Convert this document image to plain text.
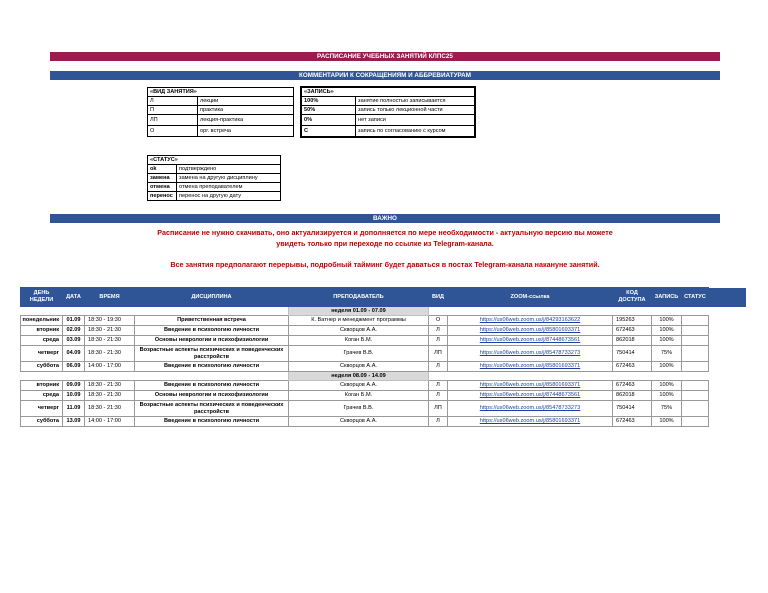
РАСПИСАНИЕ УЧЕБНЫХ ЗАНЯТИЙ КЛПС25
КОММЕНТАРИИ К СОКРАЩЕНИЯМ И АББРЕВИАТУРАМ
«ВИД ЗАНЯТИЯ»	
Л	лекции
П	практика
ЛП	лекция-практика
О	орг. встреча
«ЗАПИСЬ»	
100%	занятие полностью записывается
50%	запись только лекционной части
0%	нет записи
С	запись по согласованию с курсом
«СТАТУС»	
ok	подтверждено
замена	замена на другую дисциплину
отмена	отмена преподавателем
перенос	перенос на другую дату
ВАЖНО
Расписание не нужно скачивать, оно актуализируется и дополняется по мере необходимости - актуальную версию вы можете
увидеть только при переходе по ссылке из Telegram-канала.
Все занятия предполагают перерывы, подробный тайминг будет даваться в постах Telegram-канала накануне занятий.
ДЕНЬ НЕДЕЛИ	ДАТА	ВРЕМЯ	ДИСЦИПЛИНА	ПРЕПОДАВАТЕЛЬ	ВИД	ZOOM-ссылка	КОД
ДОСТУПА	ЗАПИСЬ	СТАТУС	
				неделя 01.09 - 07.09						
понедельник	01.09	18:30 - 19:30	Приветственная встреча	К. Ватнер и менеджмент программы	О	https://us06web.zoom.us/j/84293163622	195263	100%		
вторник	02.09	18:30 - 21:30	Введение в психологию личности	Скворцов А.А.	Л	https://us06web.zoom.us/j/85801693371	672463	100%		
среда	03.09	18:30 - 21:30	Основы неврологии и психофизиологии	Коган Б.М.	Л	https://us06web.zoom.us/j/87448673561	862018	100%		
четверг	04.09	18:30 - 21:30	Возрастные аспекты психических и поведенческих расстройств	Грачев В.В.	ЛП	https://us06web.zoom.us/j/85478733273	750414	75%		
суббота	06.09	14:00 - 17:00	Введение в психологию личности	Скворцов А.А.	Л	https://us06web.zoom.us/j/85801693371	672463	100%		
				неделя 08.09 - 14.09						
вторник	09.09	18:30 - 21:30	Введение в психологию личности	Скворцов А.А.	Л	https://us06web.zoom.us/j/85801693371	672463	100%		
среда	10.09	18:30 - 21:30	Основы неврологии и психофизиологии	Коган Б.М.	Л	https://us06web.zoom.us/j/87448673561	862018	100%		
четверг	11.09	18:30 - 21:30	Возрастные аспекты психических и поведенческих расстройств	Грачев В.В.	ЛП	https://us06web.zoom.us/j/85478733273	750414	75%		
суббота	13.09	14:00 - 17:00	Введение в психологию личности	Скворцов А.А.	Л	https://us06web.zoom.us/j/85801693371	672463	100%		
